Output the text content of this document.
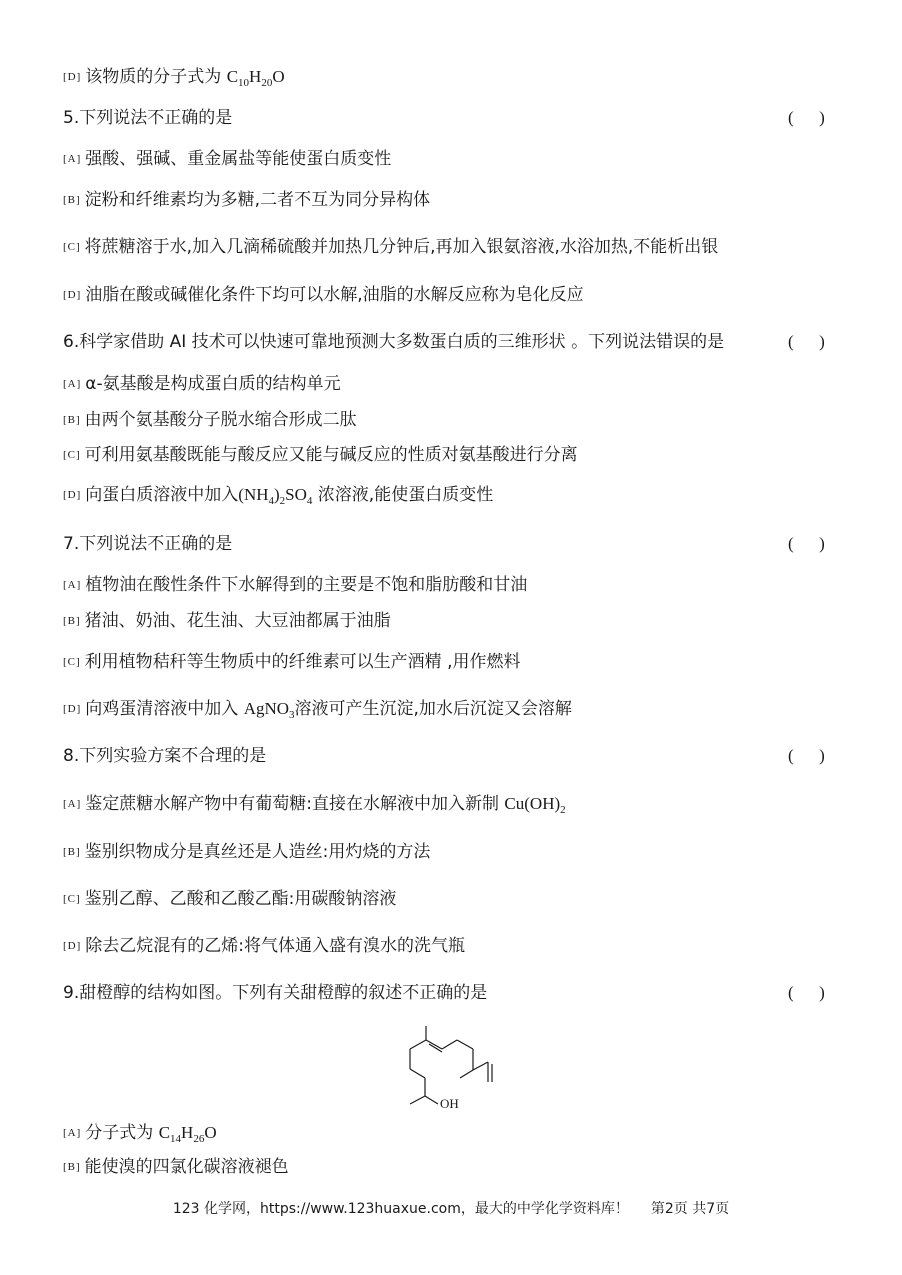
[D] 该物质的分子式为 $C_{10}H_{20}O$
5.下列说法不正确的是	(      )
[A] 强酸、强碱、重金属盐等能使蛋白质变性
[B] 淀粉和纤维素均为多糖,二者不互为同分异构体
[C] 将蔗糖溶于水,加入几滴稀硫酸并加热几分钟后,再加入银氨溶液,水浴加热,不能析出银
[D] 油脂在酸或碱催化条件下均可以水解,油脂的水解反应称为皂化反应
6.科学家借助 AI 技术可以快速可靠地预测大多数蛋白质的三维形状 。下列说法错误的是	(      )
[A] α-氨基酸是构成蛋白质的结构单元
[B] 由两个氨基酸分子脱水缩合形成二肽
[C] 可利用氨基酸既能与酸反应又能与碱反应的性质对氨基酸进行分离
[D] 向蛋白质溶液中加入$(NH_4)_2SO_4$ 浓溶液,能使蛋白质变性
7.下列说法不正确的是	(      )
[A] 植物油在酸性条件下水解得到的主要是不饱和脂肪酸和甘油
[B] 猪油、奶油、花生油、大豆油都属于油脂
[C] 利用植物秸秆等生物质中的纤维素可以生产酒精 ,用作燃料
[D] 向鸡蛋清溶液中加入 AgNO$_3$溶液可产生沉淀,加水后沉淀又会溶解
8.下列实验方案不合理的是	(      )
[A] 鉴定蔗糖水解产物中有葡萄糖:直接在水解液中加入新制 $Cu(OH)_2$
[B] 鉴别织物成分是真丝还是人造丝:用灼烧的方法
[C] 鉴别乙醇、乙酸和乙酸乙酯:用碳酸钠溶液
[D] 除去乙烷混有的乙烯:将气体通入盛有溴水的洗气瓶
9.甜橙醇的结构如图。下列有关甜橙醇的叙述不正确的是	(      )
OH
[A] 分子式为 $C_{14}H_{26}O$
[B] 能使溴的四氯化碳溶液褪色
123 化学网，https://www.123huaxue.com，最大的中学化学资料库！ 第2页 共7页
